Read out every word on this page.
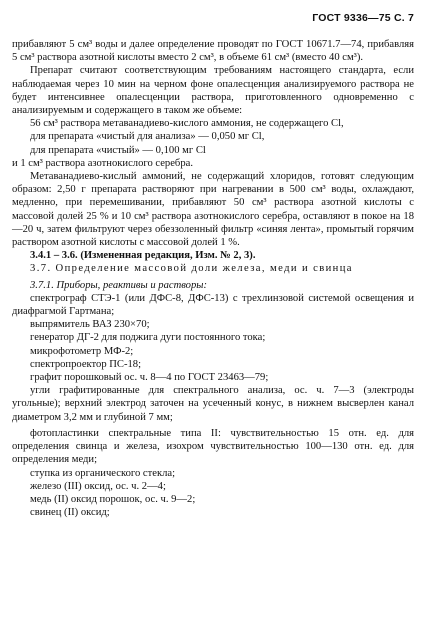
ГОСТ 9336—75 С. 7

прибавляют 5 см³ воды и далее определение проводят по ГОСТ 10671.7—74, прибавляя 5 см³ раствора азотной кислоты вместо 2 см³, в объеме 61 см³ (вместо 40 см³).

Препарат считают соответствующим требованиям настоящего стандарта, если наблюдаемая через 10 мин на черном фоне опалесценция анализируемого раствора не будет интенсивнее опалесценции раствора, приготовленного одновременно с анализируемым и содержащего в таком же объеме:

56 см³ раствора метаванадиево-кислого аммония, не содержащего Cl,

для препарата «чистый для анализа» — 0,050 мг Cl,

для препарата «чистый» — 0,100 мг Cl

и 1 см³ раствора азотнокислого серебра.

Метаванадиево-кислый аммоний, не содержащий хлоридов, готовят следующим образом: 2,50 г препарата растворяют при нагревании в 500 см³ воды, охлаждают, медленно, при перемешивании, прибавляют 50 см³ раствора азотной кислоты с массовой долей 25 % и 10 см³ раствора азотнокислого серебра, оставляют в покое на 18—20 ч, затем фильтруют через обеззоленный фильтр «синяя лента», промытый горячим раствором азотной кислоты с массовой долей 1 %.

3.4.1 – 3.6. (Измененная редакция, Изм. № 2, 3).

3.7. Определение массовой доли железа, меди и свинца

3.7.1. Приборы, реактивы и растворы:

спектрограф СТЭ-1 (или ДФС-8, ДФС-13) с трехлинзовой системой освещения и диафрагмой Гартмана;

выпрямитель ВАЗ 230×70;

генератор ДГ-2 для поджига дуги постоянного тока;

микрофотометр МФ-2;

спектропроектор ПС-18;

графит порошковый ос. ч. 8—4 по ГОСТ 23463—79;

угли графитированные для спектрального анализа, ос. ч. 7—3 (электроды угольные); верхний электрод заточен на усеченный конус, в нижнем высверлен канал диаметром 3,2 мм и глубиной 7 мм;

фотопластинки спектральные типа II: чувствительностью 15 отн. ед. для определения свинца и железа, изохром чувствительностью 100—130 отн. ед. для определения меди;

ступка из органического стекла;

железо (III) оксид, ос. ч. 2—4;

медь (II) оксид порошок, ос. ч. 9—2;

свинец (II) оксид;
